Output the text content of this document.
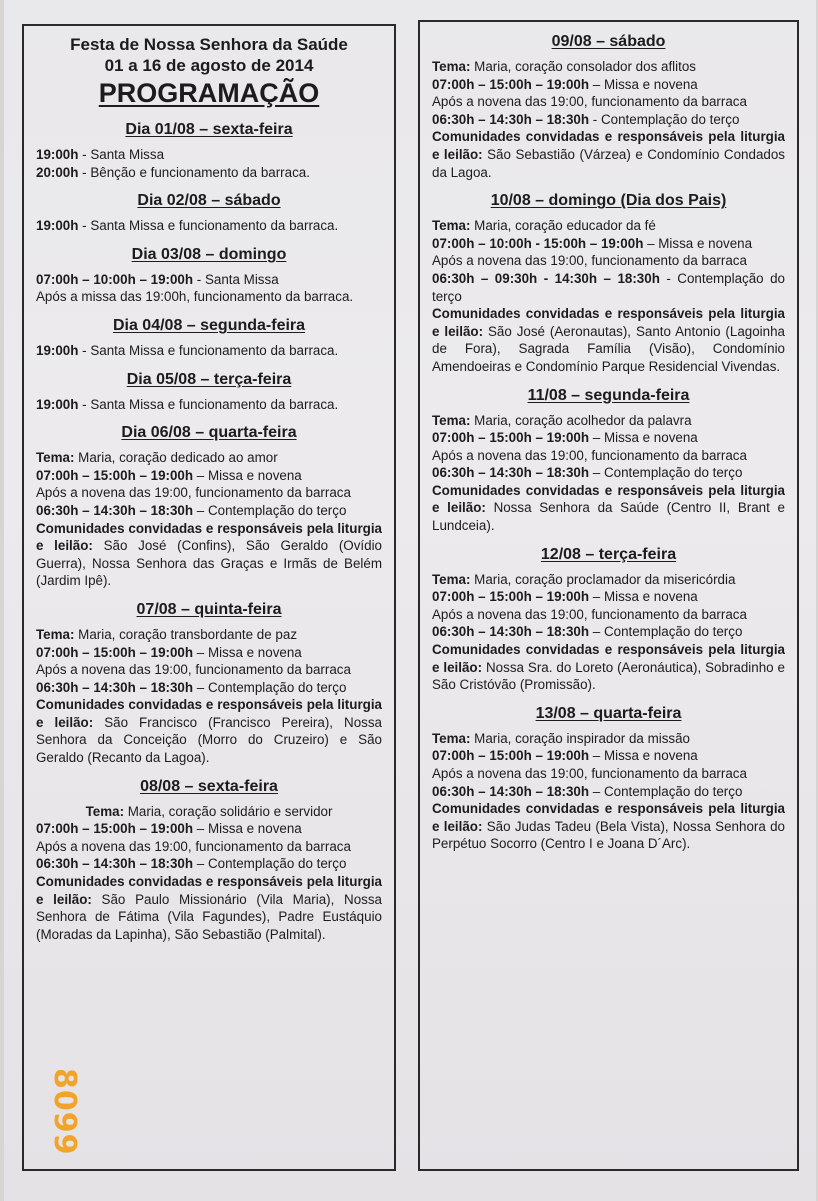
Festa de Nossa Senhora da Saúde
01 a 16 de agosto de 2014
PROGRAMAÇÃO
Dia 01/08 – sexta-feira

19:00h - Santa Missa

20:00h - Bênção e funcionamento da barraca.

Dia 02/08 – sábado

19:00h - Santa Missa e funcionamento da barraca.

Dia 03/08 – domingo

07:00h – 10:00h – 19:00h - Santa Missa

Após a missa das 19:00h, funcionamento da barraca.

Dia 04/08 – segunda-feira

19:00h - Santa Missa e funcionamento da barraca.

Dia 05/08 – terça-feira

19:00h - Santa Missa e funcionamento da barraca.

Dia 06/08 – quarta-feira

Tema: Maria, coração dedicado ao amor

07:00h – 15:00h – 19:00h – Missa e novena

Após a novena das 19:00, funcionamento da barraca

06:30h – 14:30h – 18:30h – Contemplação do terço

Comunidades convidadas e responsáveis pela liturgia e leilão: São José (Confins), São Geraldo (Ovídio Guerra), Nossa Senhora das Graças e Irmãs de Belém (Jardim Ipê).

07/08 – quinta-feira

Tema: Maria, coração transbordante de paz

07:00h – 15:00h – 19:00h – Missa e novena

Após a novena das 19:00, funcionamento da barraca

06:30h – 14:30h – 18:30h – Contemplação do terço

Comunidades convidadas e responsáveis pela liturgia e leilão: São Francisco (Francisco Pereira), Nossa Senhora da Conceição (Morro do Cruzeiro) e São Geraldo (Recanto da Lagoa).

08/08 – sexta-feira

Tema: Maria, coração solidário e servidor

07:00h – 15:00h – 19:00h – Missa e novena

Após a novena das 19:00, funcionamento da barraca

06:30h – 14:30h – 18:30h – Contemplação do terço

Comunidades convidadas e responsáveis pela liturgia e leilão: São Paulo Missionário (Vila Maria), Nossa Senhora de Fátima (Vila Fagundes), Padre Eustáquio (Moradas da Lapinha), São Sebastião (Palmital).

09/08 – sábado

Tema: Maria, coração consolador dos aflitos

07:00h – 15:00h – 19:00h – Missa e novena

Após a novena das 19:00, funcionamento da barraca

06:30h – 14:30h – 18:30h - Contemplação do terço

Comunidades convidadas e responsáveis pela liturgia e leilão: São Sebastião (Várzea) e Condomínio Condados da Lagoa.

10/08 – domingo (Dia dos Pais)

Tema: Maria, coração educador da fé

07:00h – 10:00h - 15:00h – 19:00h – Missa e novena

Após a novena das 19:00, funcionamento da barraca

06:30h – 09:30h - 14:30h – 18:30h - Contemplação do terço

Comunidades convidadas e responsáveis pela liturgia e leilão: São José (Aeronautas), Santo Antonio (Lagoinha de Fora), Sagrada Família (Visão), Condomínio Amendoeiras e Condomínio Parque Residencial Vivendas.

11/08 – segunda-feira

Tema: Maria, coração acolhedor da palavra

07:00h – 15:00h – 19:00h – Missa e novena

Após a novena das 19:00, funcionamento da barraca

06:30h – 14:30h – 18:30h – Contemplação do terço

Comunidades convidadas e responsáveis pela liturgia e leilão: Nossa Senhora da Saúde (Centro II, Brant e Lundceia).

12/08 – terça-feira

Tema: Maria, coração proclamador da misericórdia

07:00h – 15:00h – 19:00h – Missa e novena

Após a novena das 19:00, funcionamento da barraca

06:30h – 14:30h – 18:30h – Contemplação do terço

Comunidades convidadas e responsáveis pela liturgia e leilão: Nossa Sra. do Loreto (Aeronáutica), Sobradinho e São Cristóvão (Promissão).

13/08 – quarta-feira

Tema: Maria, coração inspirador da missão

07:00h – 15:00h – 19:00h – Missa e novena

Após a novena das 19:00, funcionamento da barraca

06:30h – 14:30h – 18:30h – Contemplação do terço

Comunidades convidadas e responsáveis pela liturgia e leilão: São Judas Tadeu (Bela Vista), Nossa Senhora do Perpétuo Socorro (Centro I e Joana D´Arc).

8099
